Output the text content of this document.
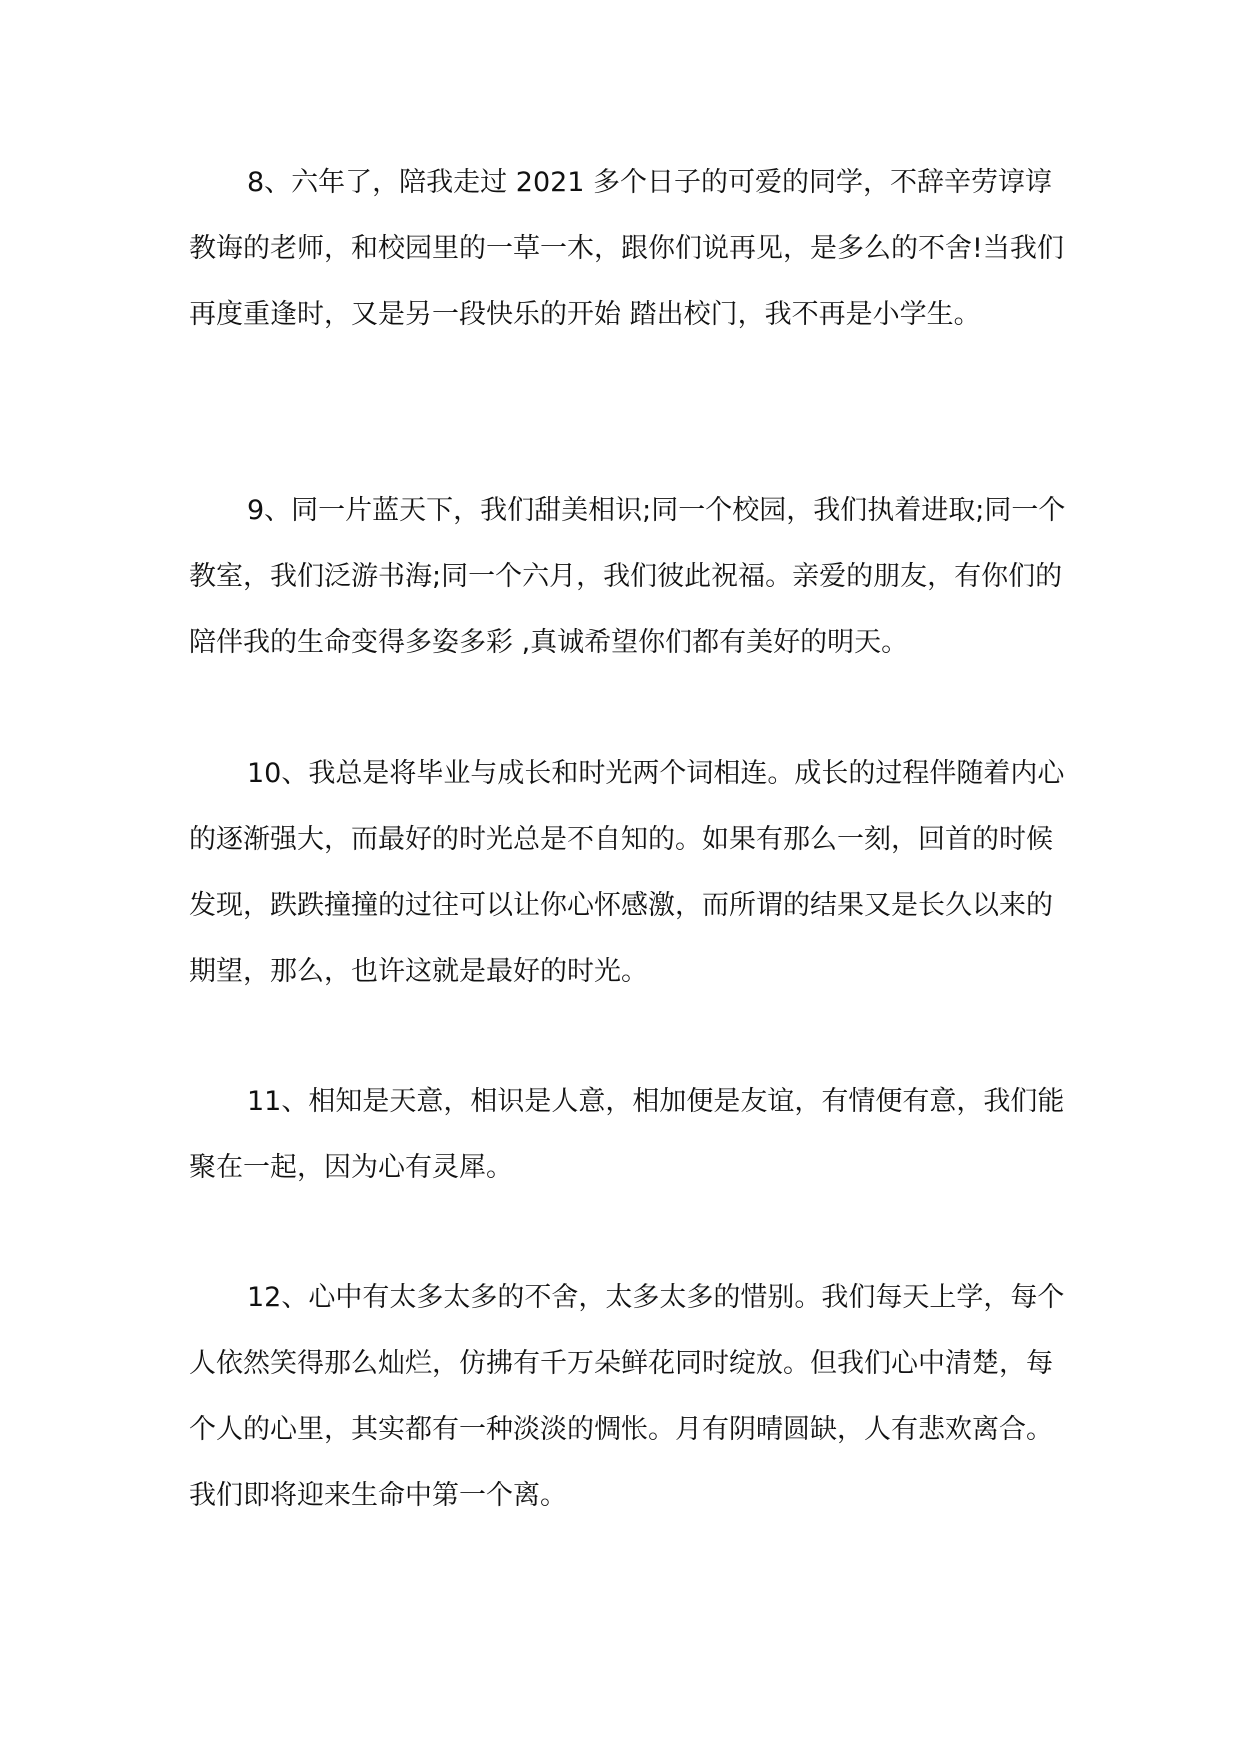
8、六年了，陪我走过 2021 多个日子的可爱的同学，不辞辛劳谆谆教诲的老师，和校园里的一草一木，跟你们说再见，是多么的不舍!当我们再度重逢时，又是另一段快乐的开始 踏出校门，我不再是小学生。

9、同一片蓝天下，我们甜美相识;同一个校园，我们执着进取;同一个教室，我们泛游书海;同一个六月，我们彼此祝福。亲爱的朋友，有你们的陪伴我的生命变得多姿多彩 ,真诚希望你们都有美好的明天。

10、我总是将毕业与成长和时光两个词相连。成长的过程伴随着内心的逐渐强大，而最好的时光总是不自知的。如果有那么一刻，回首的时候发现，跌跌撞撞的过往可以让你心怀感激，而所谓的结果又是长久以来的期望，那么，也许这就是最好的时光。

11、相知是天意，相识是人意，相加便是友谊，有情便有意，我们能聚在一起，因为心有灵犀。

12、心中有太多太多的不舍，太多太多的惜别。我们每天上学，每个人依然笑得那么灿烂，仿拂有千万朵鲜花同时绽放。但我们心中清楚，每个人的心里，其实都有一种淡淡的惆怅。月有阴晴圆缺，人有悲欢离合。我们即将迎来生命中第一个离。
